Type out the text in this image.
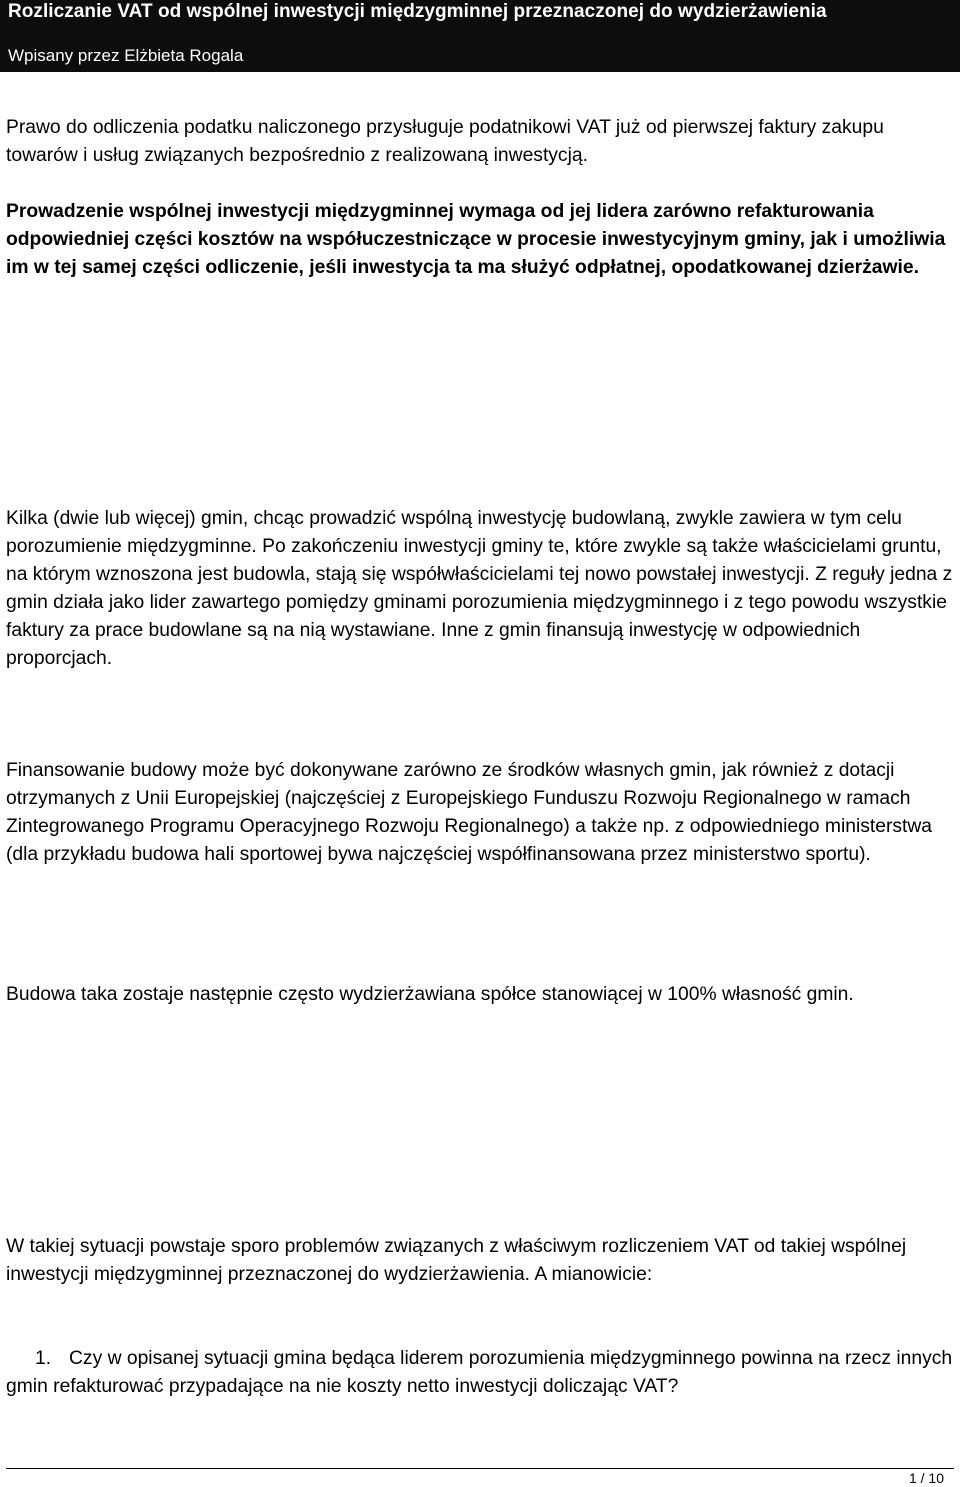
Rozliczanie VAT od wspólnej inwestycji międzygminnej przeznaczonej do wydzierżawienia
Wpisany przez Elżbieta Rogala

Prawo do odliczenia podatku naliczonego przysługuje podatnikowi VAT już od pierwszej faktury zakupu towarów i usług związanych bezpośrednio z realizowaną inwestycją.

Prowadzenie wspólnej inwestycji międzygminnej wymaga od jej lidera zarówno refakturowania odpowiedniej części kosztów na współuczestniczące w procesie inwestycyjnym gminy, jak i umożliwia im w tej samej części odliczenie, jeśli inwestycja ta ma służyć odpłatnej, opodatkowanej dzierżawie.

Kilka (dwie lub więcej) gmin, chcąc prowadzić wspólną inwestycję budowlaną, zwykle zawiera w tym celu porozumienie międzygminne. Po zakończeniu inwestycji gminy te, które zwykle są także właścicielami gruntu, na którym wznoszona jest budowla, stają się współwłaścicielami tej nowo powstałej inwestycji. Z reguły jedna z gmin działa jako lider zawartego pomiędzy gminami porozumienia międzygminnego i z tego powodu wszystkie faktury za prace budowlane są na nią wystawiane. Inne z gmin finansują inwestycję w odpowiednich proporcjach.

Finansowanie budowy może być dokonywane zarówno ze środków własnych gmin, jak również z dotacji otrzymanych z Unii Europejskiej (najczęściej z Europejskiego Funduszu Rozwoju Regionalnego w ramach Zintegrowanego Programu Operacyjnego Rozwoju Regionalnego) a także np. z odpowiedniego ministerstwa (dla przykładu budowa hali sportowej bywa najczęściej współfinansowana przez ministerstwo sportu).

Budowa taka zostaje następnie często wydzierżawiana spółce stanowiącej w 100% własność gmin.

W takiej sytuacji powstaje sporo problemów związanych z właściwym rozliczeniem VAT od takiej wspólnej inwestycji międzygminnej przeznaczonej do wydzierżawienia. A mianowicie:

1. Czy w opisanej sytuacji gmina będąca liderem porozumienia międzygminnego powinna na rzecz innych gmin refakturować przypadające na nie koszty netto inwestycji doliczając VAT?

1 / 10
